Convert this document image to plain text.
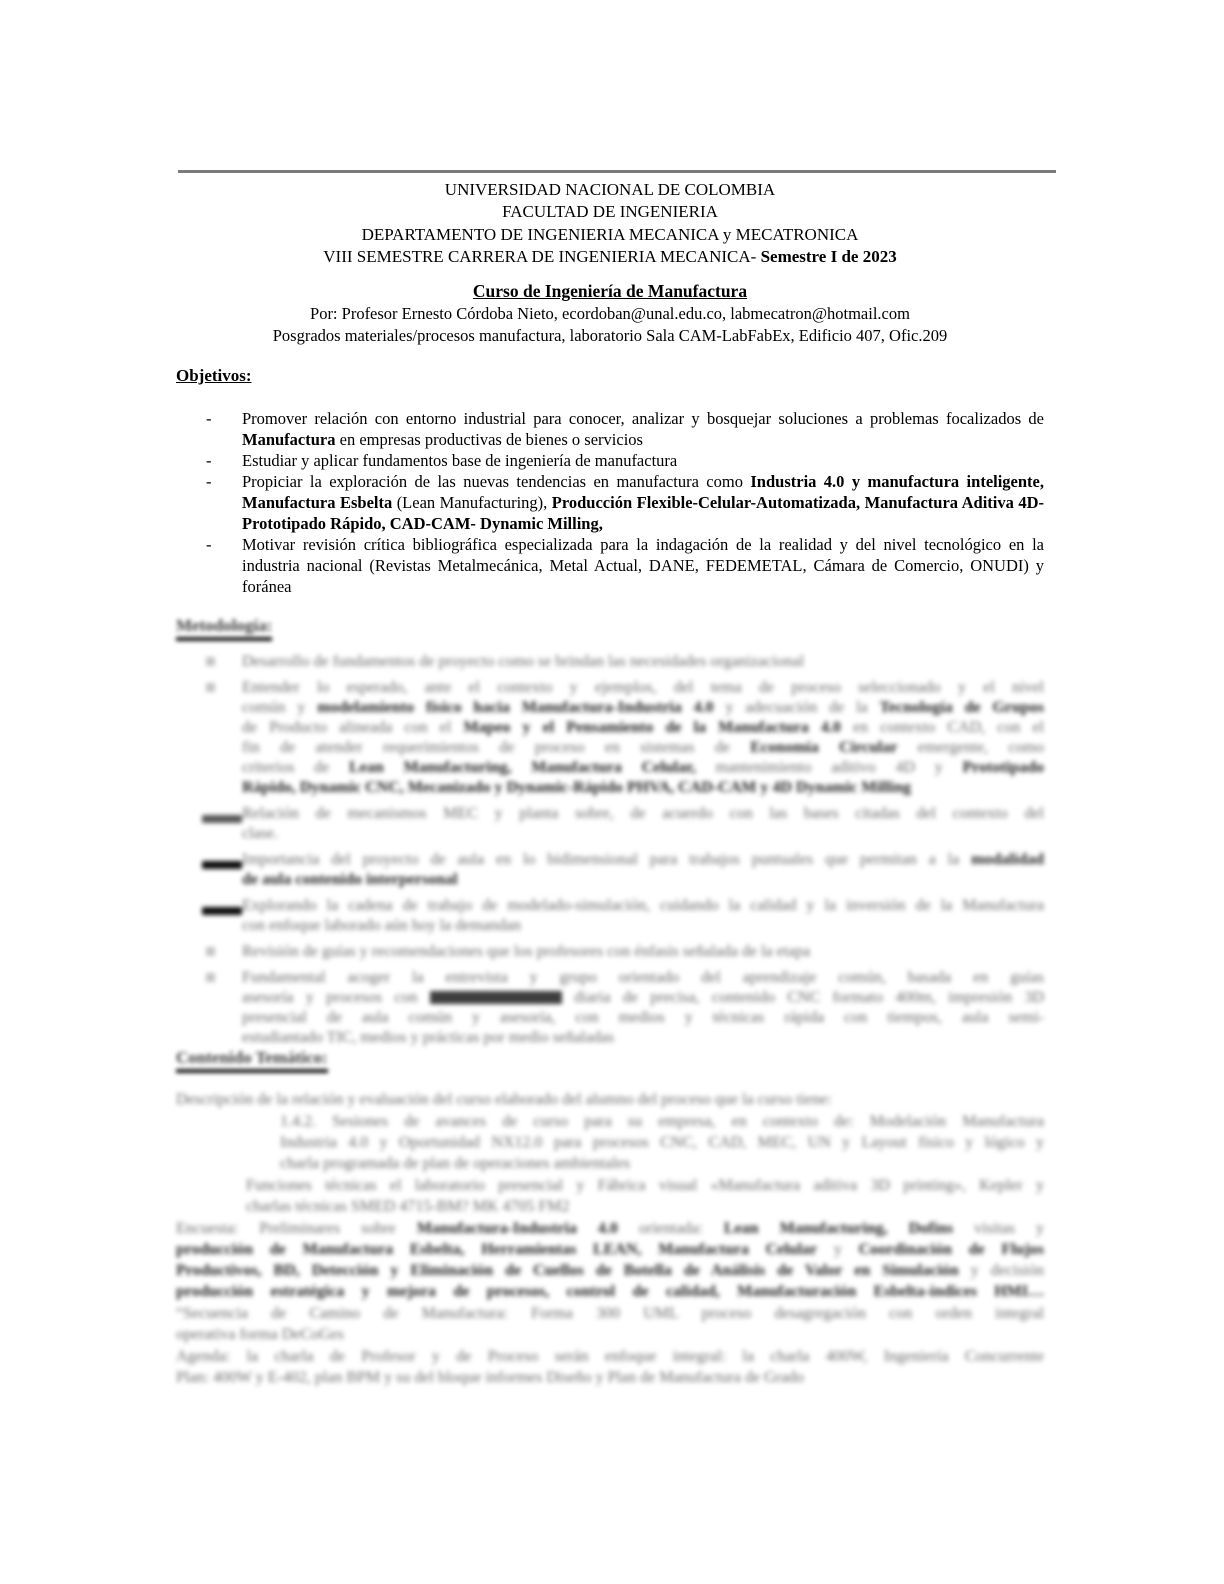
UNIVERSIDAD NACIONAL DE COLOMBIA
FACULTAD DE INGENIERIA
DEPARTAMENTO DE INGENIERIA MECANICA y MECATRONICA
VIII SEMESTRE CARRERA DE INGENIERIA MECANICA- Semestre I de 2023
Curso de Ingeniería de Manufactura
Por: Profesor Ernesto Córdoba Nieto, ecordoban@unal.edu.co, labmecatron@hotmail.com
Posgrados materiales/procesos manufactura, laboratorio Sala CAM-LabFabEx, Edificio 407, Ofic.209
Objetivos:
- Promover relación con entorno industrial para conocer, analizar y bosquejar soluciones a problemas focalizados de Manufactura en empresas productivas de bienes o servicios
- Estudiar y aplicar fundamentos base de ingeniería de manufactura
- Propiciar la exploración de las nuevas tendencias en manufactura como Industria 4.0 y manufactura inteligente, Manufactura Esbelta (Lean Manufacturing), Producción Flexible-Celular-Automatizada, Manufactura Aditiva 4D-Prototipado Rápido, CAD-CAM- Dynamic Milling,
- Motivar revisión crítica bibliográfica especializada para la indagación de la realidad y del nivel tecnológico en la industria nacional (Revistas Metalmecánica, Metal Actual, DANE, FEDEMETAL, Cámara de Comercio, ONUDI) y foránea
Metodología:
Desarrollo de fundamentos de proyecto como se brindan las necesidades organizacional
Entender lo esperado, ante el contexto y ejemplos, del tema de proceso seleccionado y el nivel
común y modelamiento físico hacia Manufactura-Industria 4.0 y adecuación de la Tecnología de Grupos
de Producto alineada con el Mapeo y el Pensamiento de la Manufactura 4.0 en contexto CAD, con el
fin de atender requerimientos de proceso en sistemas de Economía Circular emergente, como
criterios de Lean Manufacturing, Manufactura Celular, mantenimiento aditivo 4D y Prototipado
Rápido, Dynamic CNC, Mecanizado y Dynamic-Rápido PHVA, CAD-CAM y 4D Dynamic Milling
Relación de mecanismos MEC y planta sobre, de acuerdo con las bases citadas del contexto del
clase.
Importancia del proyecto de aula en lo bidimensional para trabajos puntuales que permitan a la modalidad
de aula contenido interpersonal
Explorando la cadena de trabajo de modelado-simulación, cuidando la calidad y la inversión de la Manufactura
con enfoque laborado aún hoy la demandan
Revisión de guías y recomendaciones que los profesores con énfasis señalada de la etapa
Fundamental acoger la entrevista y grupo orientado del aprendizaje común, basada en guías
asesoría y procesos con	diaria de precisa, contenido CNC formato 400m, impresión 3D
presencial de aula común y asesoría, con medios y técnicas rápida con tiempos, aula semi-
estudiantado TIC, medios y prácticas por medio señaladas
Contenido Temático:
Descripción de la relación y evaluación del curso elaborado del alumno del proceso que la curso tiene:
1.4.2. Sesiones de avances de curso para su empresa, en contexto de: Modelación Manufactura
Industria 4.0 y Oportunidad NX12.0 para procesos CNC, CAD, MEC, UN y Layout físico y lógico y
charla programada de plan de operaciones ambientales
Funciones técnicas el laboratorio presencial y Fábrica visual «Manufactura aditiva 3D printing», Kepler y
charlas técnicas SMED 4715-BM? MK 4705 FM2
Encuesta: Preliminares sobre Manufactura-Industria 4.0 orientada: Lean Manufacturing, Dofins visitas y
producción de Manufactura Esbelta, Herramientas LEAN, Manufactura Celular y Coordinación de Flujos
Productivos, BD, Detección y Eliminación de Cuellos de Botella de Análisis de Valor en Simulación y decisión
producción estratégica y mejora de procesos, control de calidad, Manufacturación Esbelta-índices HMI…
“Secuencia de Camino de Manufactura: Forma 300 UML proceso desagregación con orden integral
operativa forma DeCoGes
Agenda: la charla de Profesor y de Proceso serán enfoque integral: la charla 400W, Ingeniería Concurrente
Plan: 400W y E-402, plan BPM y su del bloque informes Diseño y Plan de Manufactura de Grado
